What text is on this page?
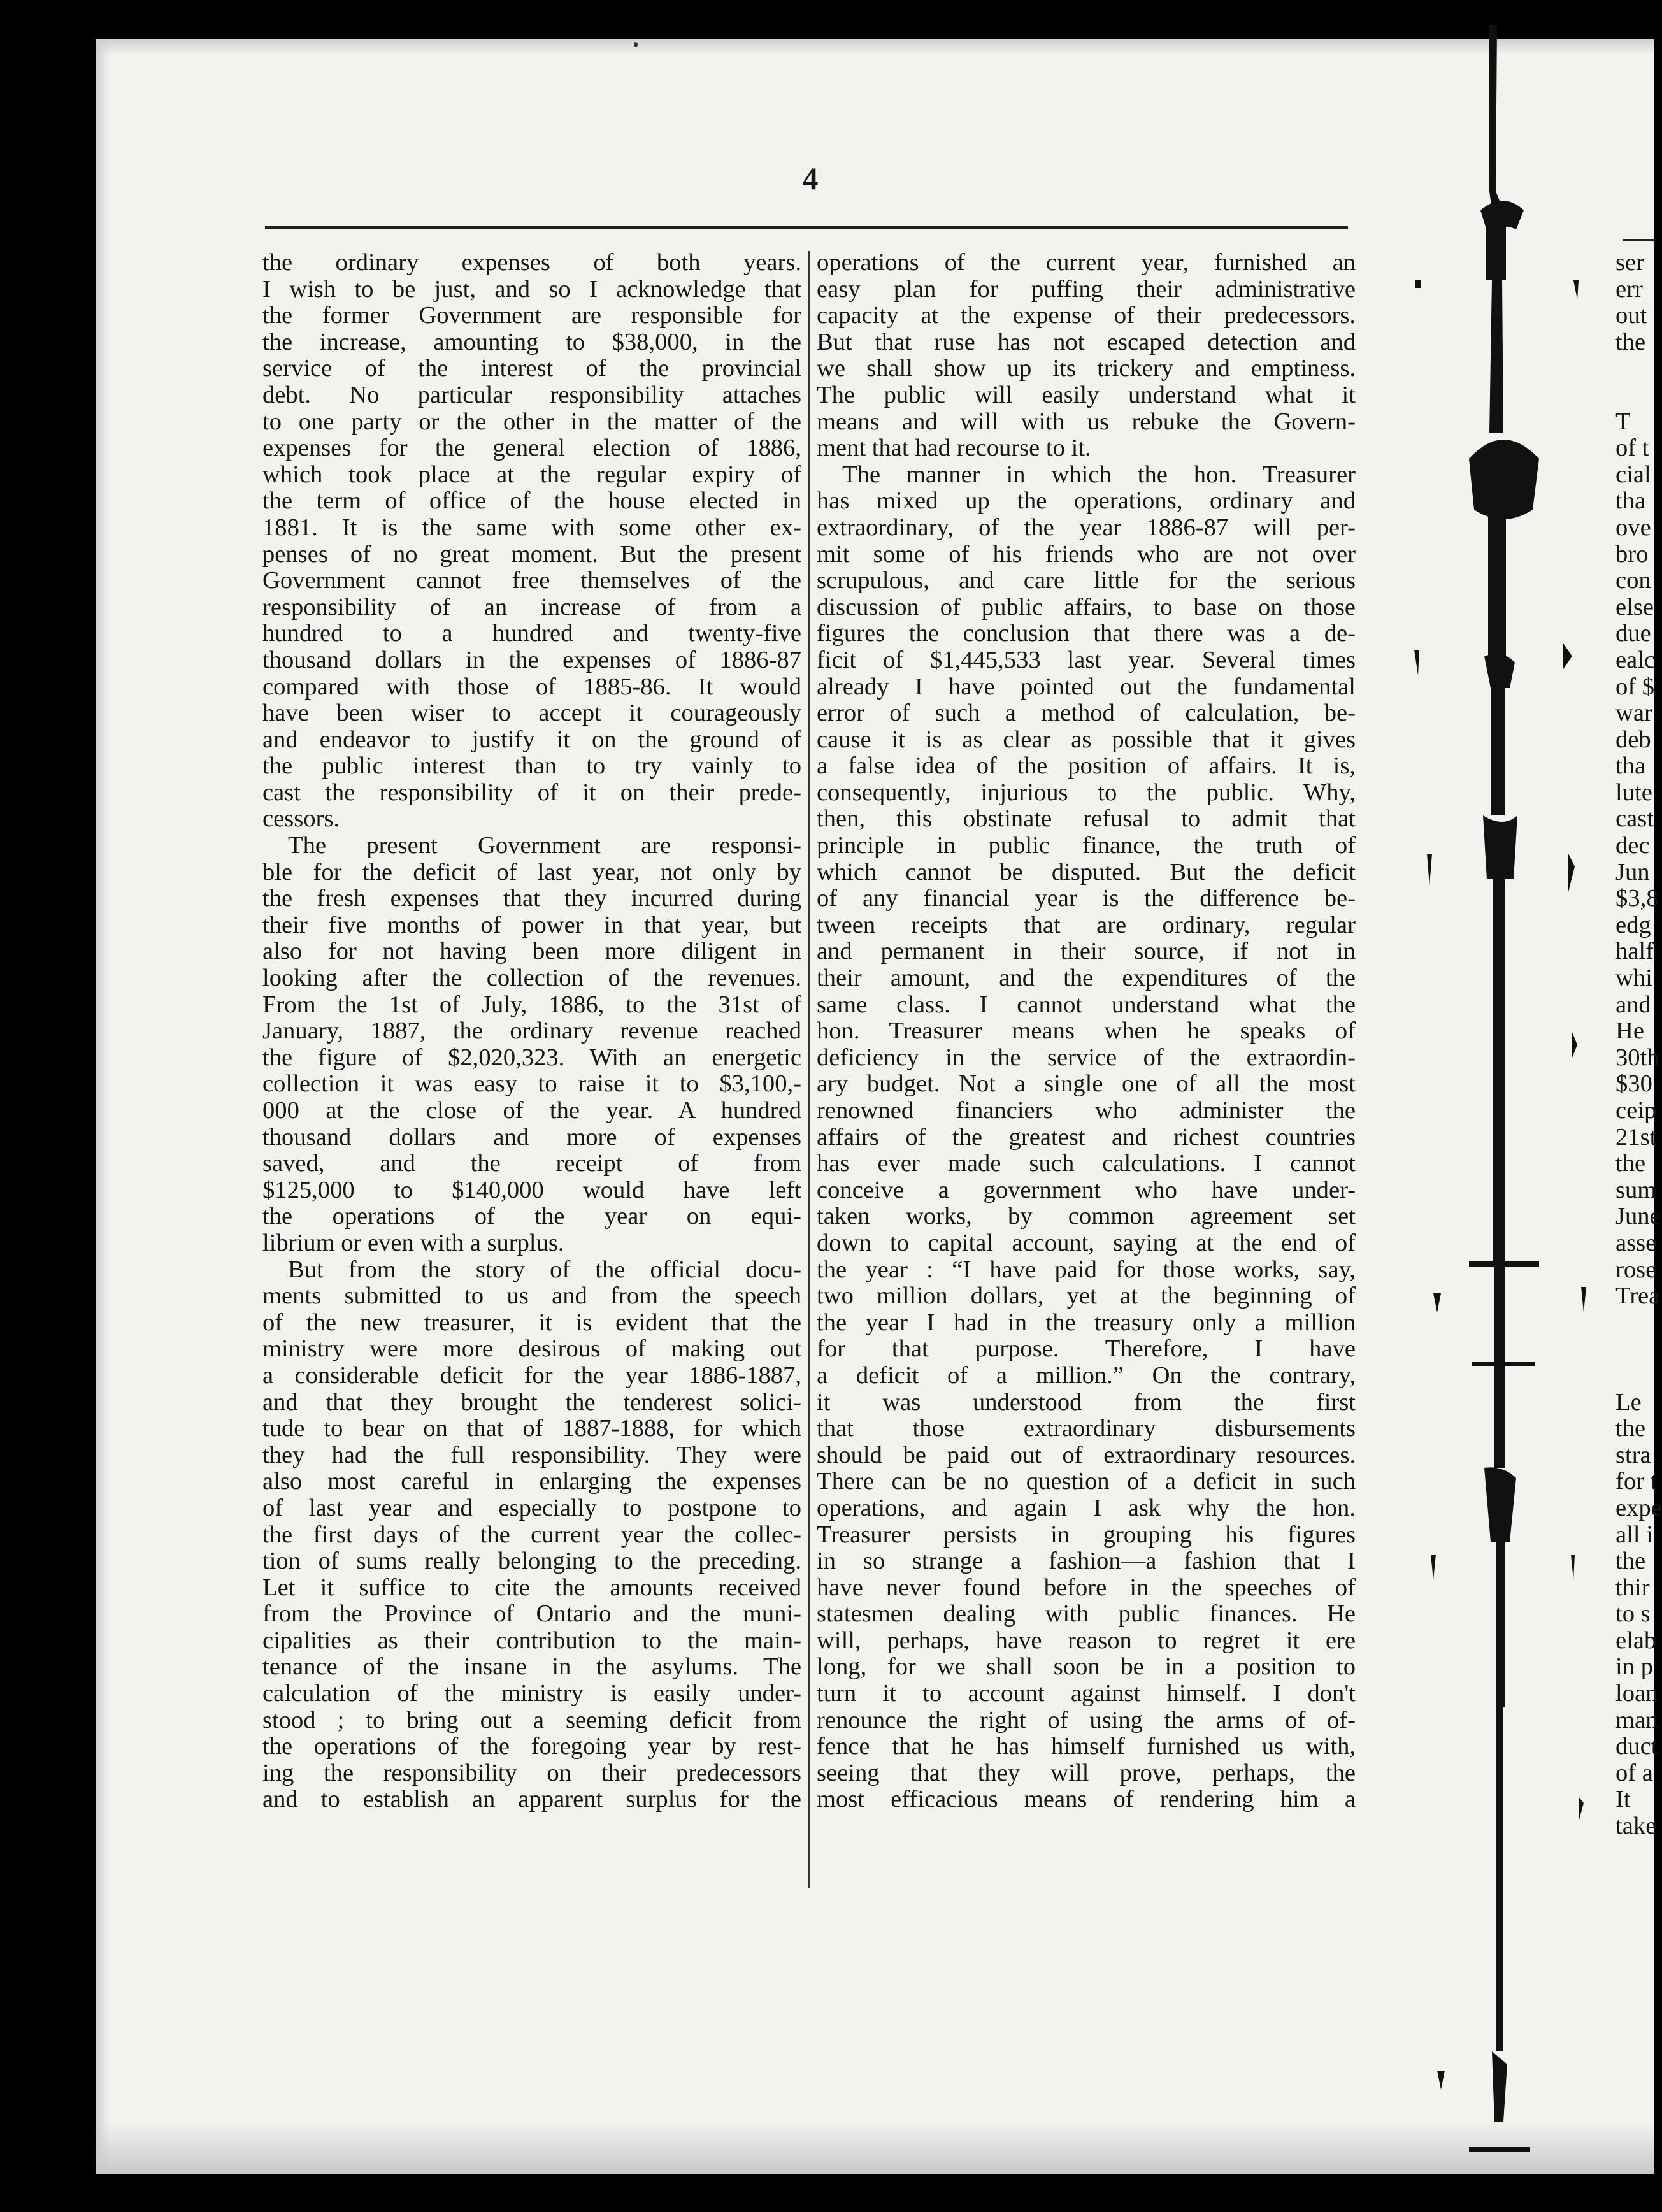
4
the ordinary expenses of both years.
I wish to be just, and so I acknowledge that
the former Government are responsible for
the increase, amounting to $38,000, in the
service of the interest of the provincial
debt. No particular responsibility attaches
to one party or the other in the matter of the
expenses for the general election of 1886,
which took place at the regular expiry of
the term of office of the house elected in
1881. It is the same with some other ex-
penses of no great moment. But the present
Government cannot free themselves of the
responsibility of an increase of from a
hundred to a hundred and twenty-five
thousand dollars in the expenses of 1886-87
compared with those of 1885-86. It would
have been wiser to accept it courageously
and endeavor to justify it on the ground of
the public interest than to try vainly to
cast the responsibility of it on their prede-
cessors.
The present Government are responsi-
ble for the deficit of last year, not only by
the fresh expenses that they incurred during
their five months of power in that year, but
also for not having been more diligent in
looking after the collection of the revenues.
From the 1st of July, 1886, to the 31st of
January, 1887, the ordinary revenue reached
the figure of $2,020,323. With an energetic
collection it was easy to raise it to $3,100,-
000 at the close of the year. A hundred
thousand dollars and more of expenses
saved, and the receipt of from
$125,000 to $140,000 would have left
the operations of the year on equi-
librium or even with a surplus.
But from the story of the official docu-
ments submitted to us and from the speech
of the new treasurer, it is evident that the
ministry were more desirous of making out
a considerable deficit for the year 1886-1887,
and that they brought the tenderest solici-
tude to bear on that of 1887-1888, for which
they had the full responsibility. They were
also most careful in enlarging the expenses
of last year and especially to postpone to
the first days of the current year the collec-
tion of sums really belonging to the preceding.
Let it suffice to cite the amounts received
from the Province of Ontario and the muni-
cipalities as their contribution to the main-
tenance of the insane in the asylums. The
calculation of the ministry is easily under-
stood ; to bring out a seeming deficit from
the operations of the foregoing year by rest-
ing the responsibility on their predecessors
and to establish an apparent surplus for the
operations of the current year, furnished an
easy plan for puffing their administrative
capacity at the expense of their predecessors.
But that ruse has not escaped detection and
we shall show up its trickery and emptiness.
The public will easily understand what it
means and will with us rebuke the Govern-
ment that had recourse to it.
The manner in which the hon. Treasurer
has mixed up the operations, ordinary and
extraordinary, of the year 1886-87 will per-
mit some of his friends who are not over
scrupulous, and care little for the serious
discussion of public affairs, to base on those
figures the conclusion that there was a de-
ficit of $1,445,533 last year. Several times
already I have pointed out the fundamental
error of such a method of calculation, be-
cause it is as clear as possible that it gives
a false idea of the position of affairs. It is,
consequently, injurious to the public. Why,
then, this obstinate refusal to admit that
principle in public finance, the truth of
which cannot be disputed. But the deficit
of any financial year is the difference be-
tween receipts that are ordinary, regular
and permanent in their source, if not in
their amount, and the expenditures of the
same class. I cannot understand what the
hon. Treasurer means when he speaks of
deficiency in the service of the extraordin-
ary budget. Not a single one of all the most
renowned financiers who administer the
affairs of the greatest and richest countries
has ever made such calculations. I cannot
conceive a government who have under-
taken works, by common agreement set
down to capital account, saying at the end of
the year : “I have paid for those works, say,
two million dollars, yet at the beginning of
the year I had in the treasury only a million
for that purpose. Therefore, I have
a deficit of a million.” On the contrary,
it was understood from the first
that those extraordinary disbursements
should be paid out of extraordinary resources.
There can be no question of a deficit in such
operations, and again I ask why the hon.
Treasurer persists in grouping his figures
in so strange a fashion—a fashion that I
have never found before in the speeches of
statesmen dealing with public finances. He
will, perhaps, have reason to regret it ere
long, for we shall soon be in a position to
turn it to account against himself. I don't
renounce the right of using the arms of of-
fence that he has himself furnished us with,
seeing that they will prove, perhaps, the
most efficacious means of rendering him a
ser
err
out
the
T
of t
cial
tha
ove
bro
con
else
due
ealc
of $
war
deb
tha
lute
cast
dec
Jun
$3,8
edg
half
whi
and
He
30th
$30
ceip
21st
the
sum
June
asse
rose
Trea
Le
the
stra
for t
expe
all i
the
thir
to s
elab
in p
loan
man
duct
of a
It
take
